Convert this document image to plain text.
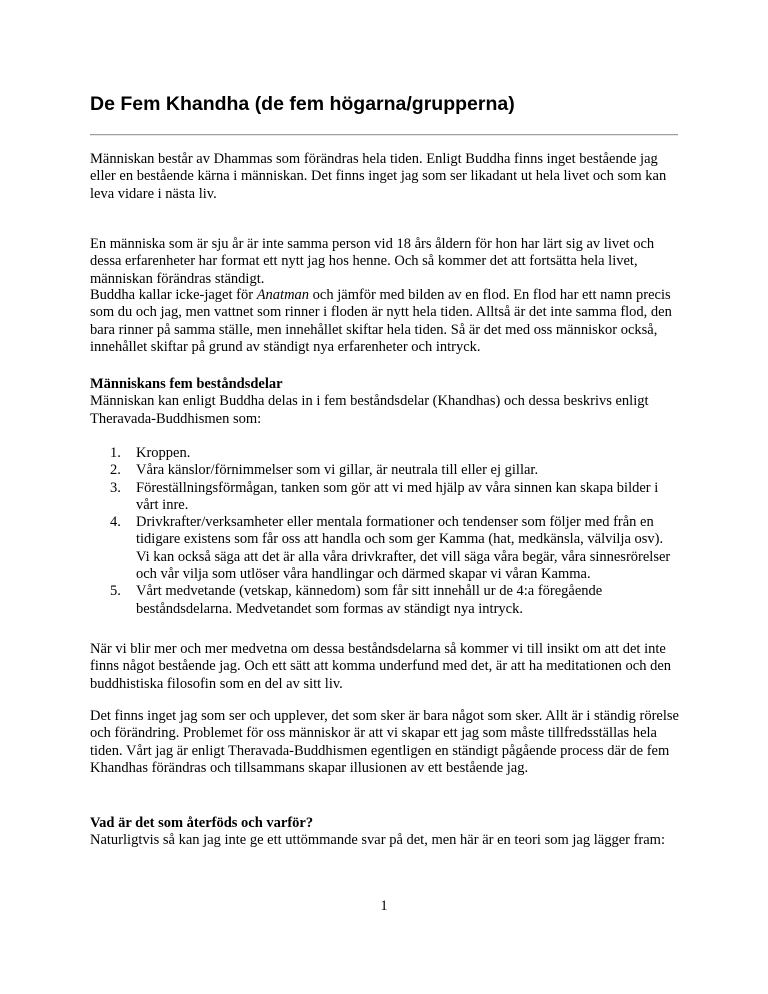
De Fem Khandha (de fem högarna/grupperna)

Människan består av Dhammas som förändras hela tiden. Enligt Buddha finns inget bestående jag eller en bestående kärna i människan. Det finns inget jag som ser likadant ut hela livet och som kan leva vidare i nästa liv.

En människa som är sju år är inte samma person vid 18 års åldern för hon har lärt sig av livet och dessa erfarenheter har format ett nytt jag hos henne. Och så kommer det att fortsätta hela livet, människan förändras ständigt.

Buddha kallar icke-jaget för Anatman och jämför med bilden av en flod. En flod har ett namn precis som du och jag, men vattnet som rinner i floden är nytt hela tiden. Alltså är det inte samma flod, den bara rinner på samma ställe, men innehållet skiftar hela tiden. Så är det med oss människor också, innehållet skiftar på grund av ständigt nya erfarenheter och intryck.

Människans fem beståndsdelar
Människan kan enligt Buddha delas in i fem beståndsdelar (Khandhas) och dessa beskrivs enligt Theravada-Buddhismen som:
1. Kroppen.
2. Våra känslor/förnimmelser som vi gillar, är neutrala till eller ej gillar.
3. Föreställningsförmågan, tanken som gör att vi med hjälp av våra sinnen kan skapa bilder i vårt inre.
4. Drivkrafter/verksamheter eller mentala formationer och tendenser som följer med från en tidigare existens som får oss att handla och som ger Kamma (hat, medkänsla, välvilja osv). Vi kan också säga att det är alla våra drivkrafter, det vill säga våra begär, våra sinnesrörelser och vår vilja som utlöser våra handlingar och därmed skapar vi våran Kamma.
5. Vårt medvetande (vetskap, kännedom) som får sitt innehåll ur de 4:a föregående beståndsdelarna. Medvetandet som formas av ständigt nya intryck.

När vi blir mer och mer medvetna om dessa beståndsdelarna så kommer vi till insikt om att det inte finns något bestående jag. Och ett sätt att komma underfund med det, är att ha meditationen och den buddhistiska filosofin som en del av sitt liv.

Det finns inget jag som ser och upplever, det som sker är bara något som sker. Allt är i ständig rörelse och förändring. Problemet för oss människor är att vi skapar ett jag som måste tillfredsställas hela tiden. Vårt jag är enligt Theravada-Buddhismen egentligen en ständigt pågående process där de fem Khandhas förändras och tillsammans skapar illusionen av ett bestående jag.

Vad är det som återföds och varför?
Naturligtvis så kan jag inte ge ett uttömmande svar på det, men här är en teori som jag lägger fram:
1
